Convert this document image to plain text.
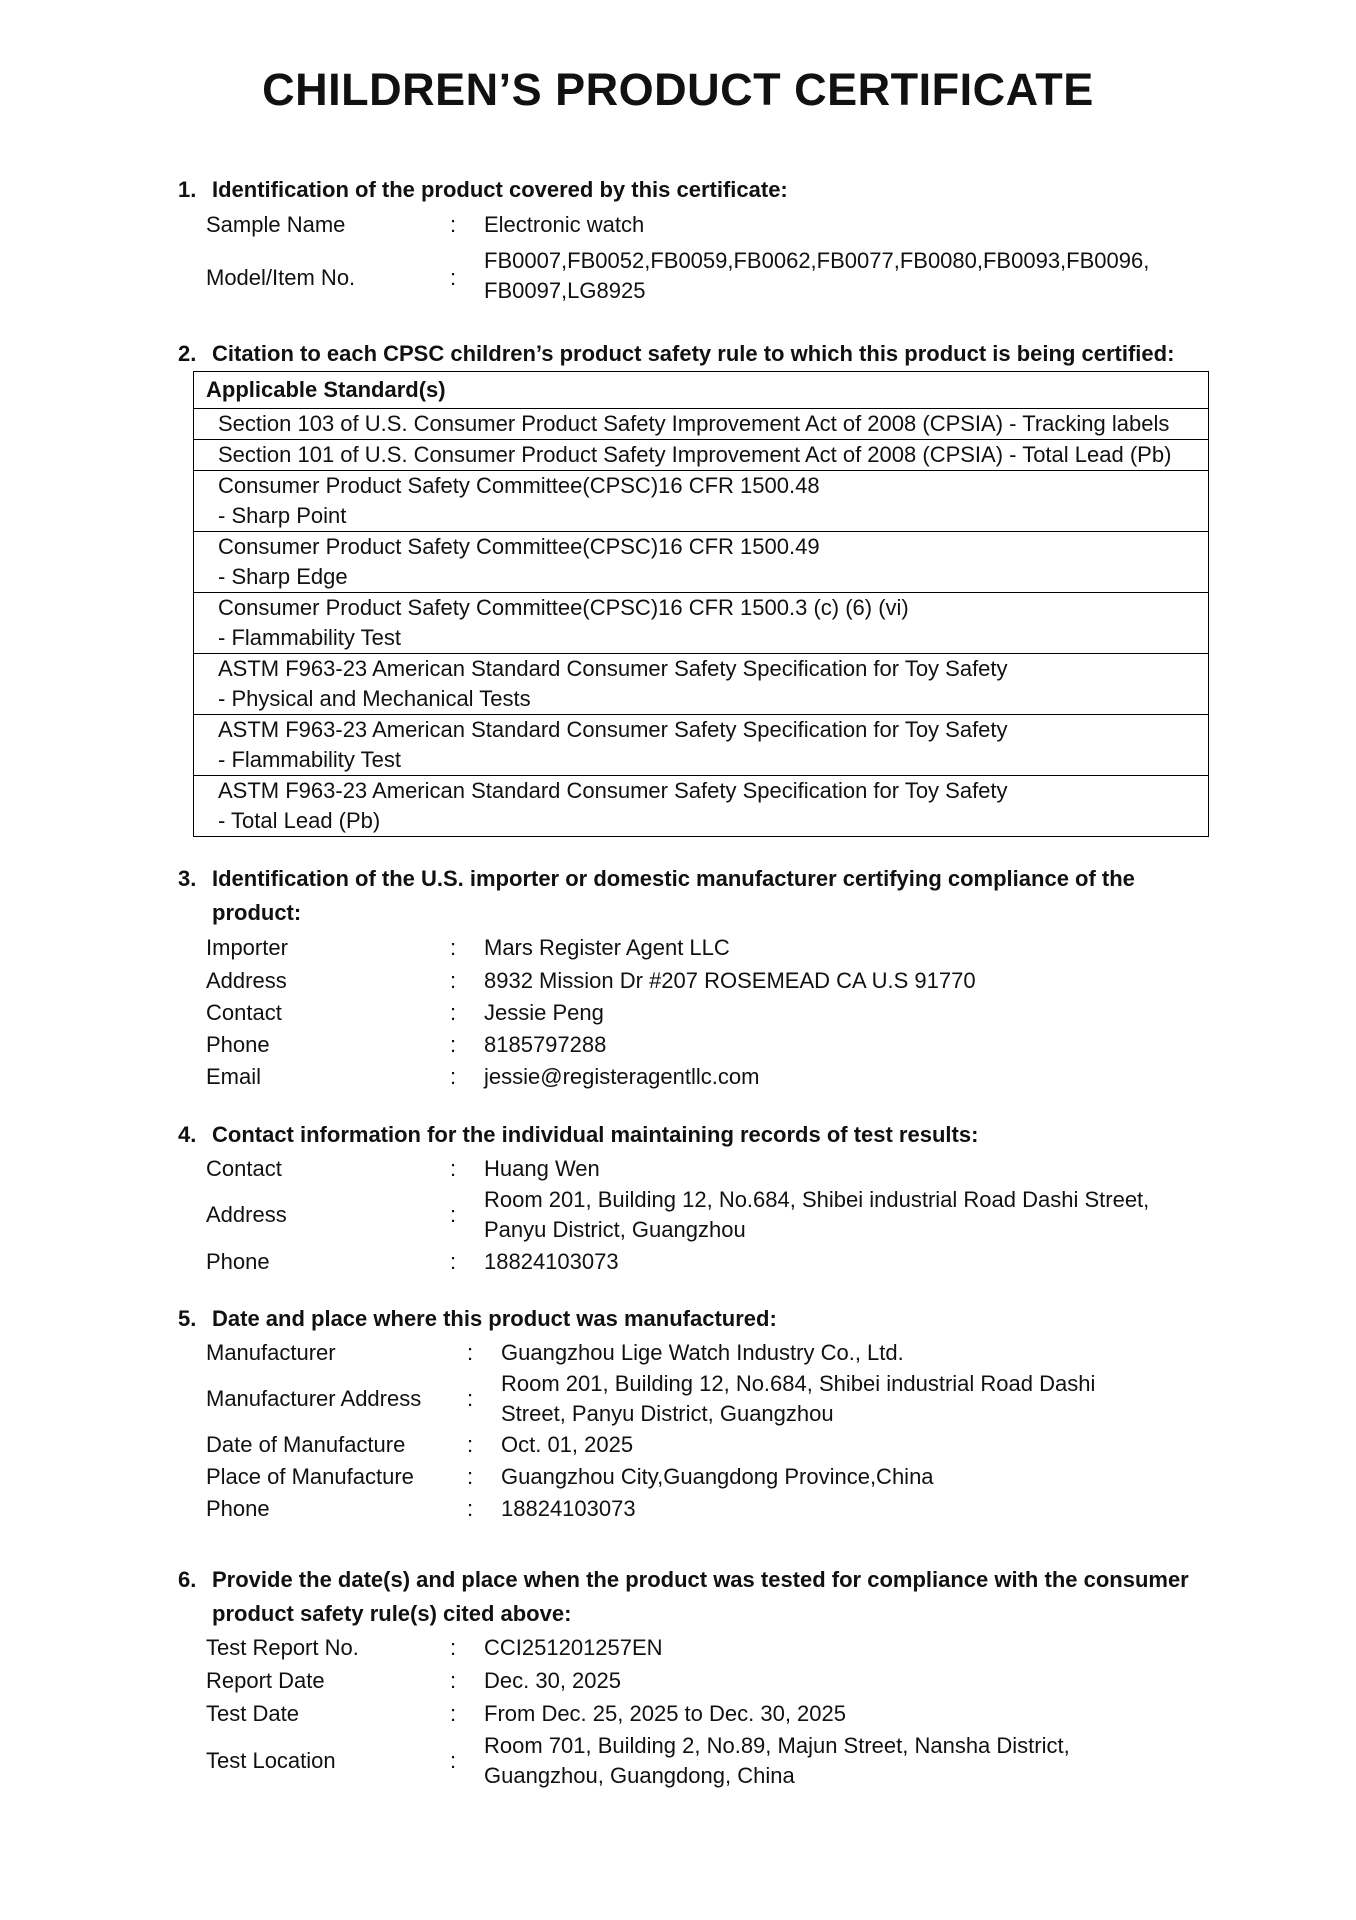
CHILDREN’S PRODUCT CERTIFICATE
1. Identification of the product covered by this certificate:
Sample Name	: Electronic watch
Model/Item No.	:
FB0007,FB0052,FB0059,FB0062,FB0077,FB0080,FB0093,FB0096, FB0097,LG8925
2. Citation to each CPSC children’s product safety rule to which this product is being certified:
Applicable Standard(s)
Section 103 of U.S. Consumer Product Safety Improvement Act of 2008 (CPSIA) - Tracking labels
Section 101 of U.S. Consumer Product Safety Improvement Act of 2008 (CPSIA) - Total Lead (Pb)

Consumer Product Safety Committee(CPSC)16 CFR 1500.48
- Sharp Point

Consumer Product Safety Committee(CPSC)16 CFR 1500.49
- Sharp Edge

Consumer Product Safety Committee(CPSC)16 CFR 1500.3 (c) (6) (vi)
- Flammability Test

ASTM F963-23 American Standard Consumer Safety Specification for Toy Safety
- Physical and Mechanical Tests

ASTM F963-23 American Standard Consumer Safety Specification for Toy Safety
- Flammability Test

ASTM F963-23 American Standard Consumer Safety Specification for Toy Safety
- Total Lead (Pb)
3. Identification of the U.S. importer or domestic manufacturer certifying compliance of the product:
Importer	: Mars Register Agent LLC
Address	: 8932 Mission Dr #207 ROSEMEAD CA U.S 91770
Contact	: Jessie Peng
Phone	: 8185797288
Email	: jessie@registeragentllc.com
4. Contact information for the individual maintaining records of test results:
Contact	: Huang Wen
Address	:
Room 201, Building 12, No.684, Shibei industrial Road Dashi Street, Panyu District, Guangzhou
Phone	: 18824103073
5. Date and place where this product was manufactured:
Manufacturer	: Guangzhou Lige Watch Industry Co., Ltd.
Manufacturer Address :
Room 201, Building 12, No.684, Shibei industrial Road Dashi Street, Panyu District, Guangzhou
Date of Manufacture	: Oct. 01, 2025
Place of Manufacture : Guangzhou City,Guangdong Province,China
Phone	: 18824103073
6. Provide the date(s) and place when the product was tested for compliance with the consumer product safety rule(s) cited above:
Test Report No.	: CCI251201257EN
Report Date	: Dec. 30, 2025
Test Date	: From Dec. 25, 2025 to Dec. 30, 2025
Test Location	:
Room 701, Building 2, No.89, Majun Street, Nansha District, Guangzhou, Guangdong, China
